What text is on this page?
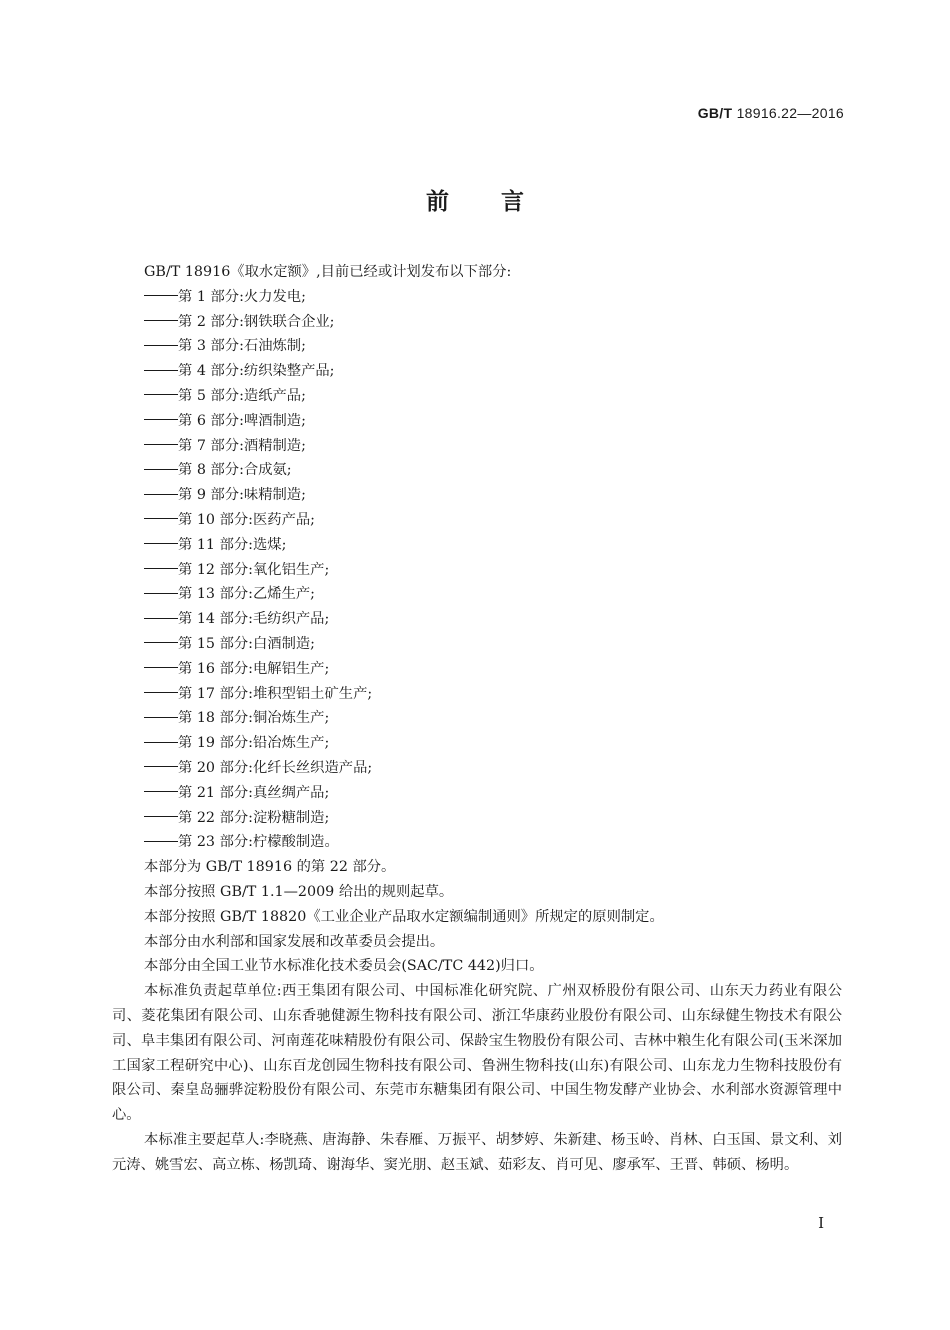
GB/T 18916.22—2016
前言

GB/T 18916《取水定额》,目前已经或计划发布以下部分:

第 1 部分:火力发电;
第 2 部分:钢铁联合企业;
第 3 部分:石油炼制;
第 4 部分:纺织染整产品;
第 5 部分:造纸产品;
第 6 部分:啤酒制造;
第 7 部分:酒精制造;
第 8 部分:合成氨;
第 9 部分:味精制造;
第 10 部分:医药产品;
第 11 部分:选煤;
第 12 部分:氧化铝生产;
第 13 部分:乙烯生产;
第 14 部分:毛纺织产品;
第 15 部分:白酒制造;
第 16 部分:电解铝生产;
第 17 部分:堆积型铝土矿生产;
第 18 部分:铜冶炼生产;
第 19 部分:铅冶炼生产;
第 20 部分:化纤长丝织造产品;
第 21 部分:真丝绸产品;
第 22 部分:淀粉糖制造;
第 23 部分:柠檬酸制造。

本部分为 GB/T 18916 的第 22 部分。

本部分按照 GB/T 1.1—2009 给出的规则起草。

本部分按照 GB/T 18820《工业企业产品取水定额编制通则》所规定的原则制定。

本部分由水利部和国家发展和改革委员会提出。

本部分由全国工业节水标准化技术委员会(SAC/TC 442)归口。

本标准负责起草单位:西王集团有限公司、中国标准化研究院、广州双桥股份有限公司、山东天力药业有限公司、菱花集团有限公司、山东香驰健源生物科技有限公司、浙江华康药业股份有限公司、山东绿健生物技术有限公司、阜丰集团有限公司、河南莲花味精股份有限公司、保龄宝生物股份有限公司、吉林中粮生化有限公司(玉米深加工国家工程研究中心)、山东百龙创园生物科技有限公司、鲁洲生物科技(山东)有限公司、山东龙力生物科技股份有限公司、秦皇岛骊骅淀粉股份有限公司、东莞市东糖集团有限公司、中国生物发酵产业协会、水利部水资源管理中心。

本标准主要起草人:李晓燕、唐海静、朱春雁、万振平、胡梦婷、朱新建、杨玉岭、肖林、白玉国、景文利、刘元涛、姚雪宏、高立栋、杨凯琦、谢海华、窦光朋、赵玉斌、茹彩友、肖可见、廖承军、王晋、韩硕、杨明。

I
